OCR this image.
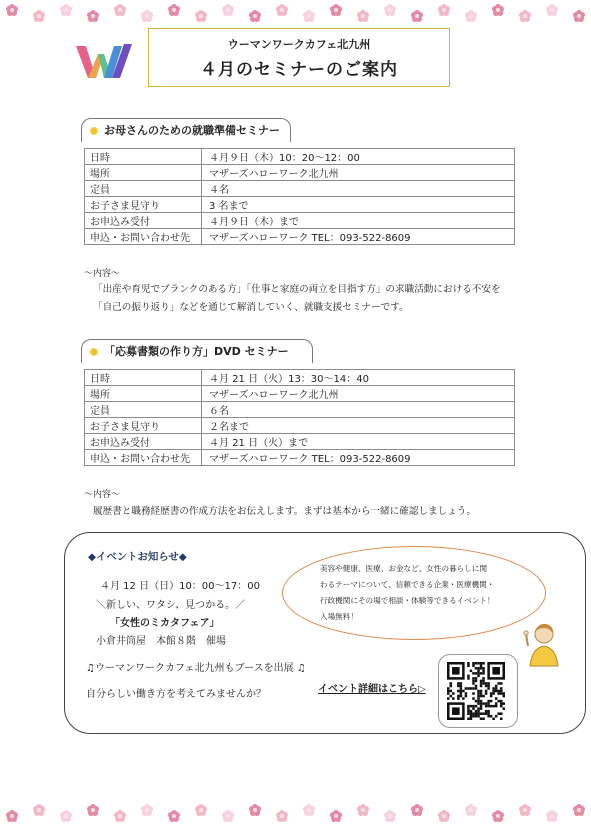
ウーマンワークカフェ北九州
４月のセミナーのご案内
お母さんのための就職準備セミナー
日時	４月９日（木）10：20～12：00
場所	マザーズハローワーク北九州
定員	４名
お子さま見守り	3 名まで
お申込み受付	４月９日（木）まで
申込・お問い合わせ先	マザーズハローワーク TEL：093-522-8609
～内容～
「出産や育児でブランクのある方」「仕事と家庭の両立を目指す方」の求職活動における不安を
「自己の振り返り」などを通じて解消していく、就職支援セミナーです。
「応募書類の作り方」DVD セミナー
日時	４月 21 日（火）13：30～14：40
場所	マザーズハローワーク北九州
定員	６名
お子さま見守り	２名まで
お申込み受付	４月 21 日（火）まで
申込・お問い合わせ先	マザーズハローワーク TEL：093-522-8609
～内容～
履歴書と職務経歴書の作成方法をお伝えします。まずは基本から一緒に確認しましょう。
◆イベントお知らせ◆
４月 12 日（日）10：00～17：00
＼新しい、ワタシ、見つかる。／
「女性のミカタフェア」
小倉井筒屋　本館８階　催場
♫ウーマンワークカフェ北九州もブースを出展 ♫
自分らしい働き方を考えてみませんか？
美容や健康、医療、お金など、女性の暮らしに関
わるテーマについて、信頼できる企業・医療機関・
行政機関にその場で相談・体験等できるイベント！
入場無料！
イベント詳細はこちら▷
